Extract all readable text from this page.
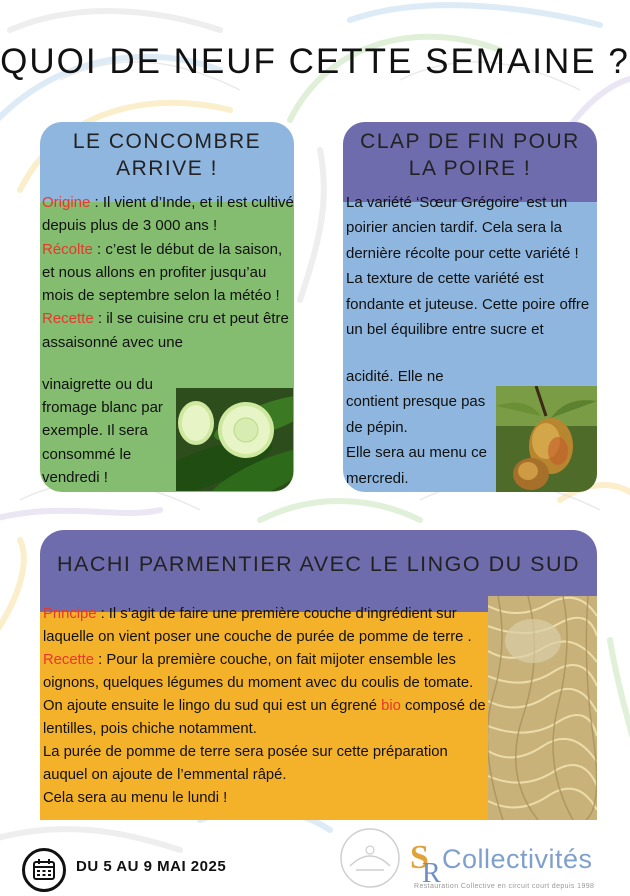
QUOI DE NEUF CETTE SEMAINE ?
LE CONCOMBRE ARRIVE !
Origine : Il vient d’Inde, et il est cultivé depuis plus de 3 000 ans !
Récolte : c’est le début de la saison, et nous allons en profiter jusqu’au mois de septembre selon la météo !
Recette : il se cuisine cru et peut être assaisonné avec une
vinaigrette ou du fromage blanc par exemple. Il sera consommé le vendredi !
CLAP DE FIN POUR LA POIRE !

La variété ‘Sœur Grégoire’ est un poirier ancien tardif. Cela sera la dernière récolte pour cette variété !

La texture de cette variété est fondante et juteuse. Cette poire offre un bel équilibre entre sucre et

acidité. Elle ne contient presque pas de pépin.

Elle sera au menu ce mercredi.

HACHI PARMENTIER AVEC LE LINGO DU SUD

Principe : Il s’agit de faire une première couche d’ingrédient sur laquelle on vient poser une couche de purée de pomme de terre .

Recette : Pour la première couche, on fait mijoter ensemble les oignons, quelques légumes du moment avec du coulis de tomate. On ajoute ensuite le lingo du sud qui est un égrené bio composé de lentilles, pois chiche notamment.

La purée de pomme de terre sera posée sur cette préparation auquel on ajoute de l’emmental râpé.

Cela sera au menu le lundi !

DU 5 AU 9 MAI 2025	S
R Collectivités
Restauration Collective en circuit court depuis 1998
